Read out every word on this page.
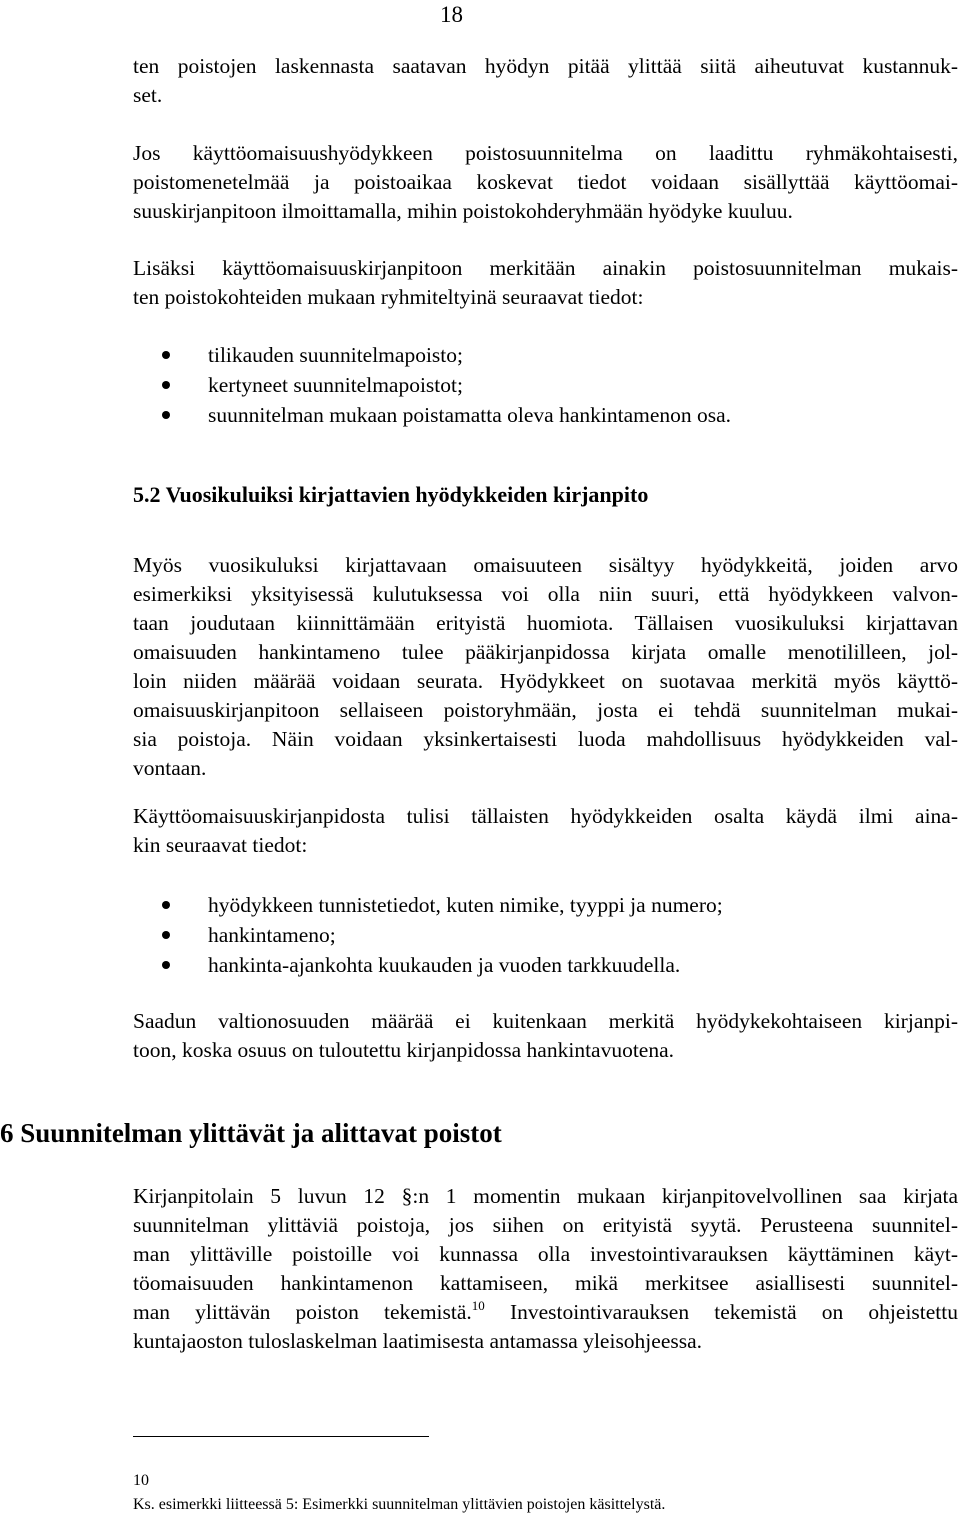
18

ten poistojen laskennasta saatavan hyödyn pitää ylittää siitä aiheutuvat kustannuk-
set.

Jos käyttöomaisuushyödykkeen poistosuunnitelma on laadittu ryhmäkohtaisesti,
poistomenetelmää ja poistoaikaa koskevat tiedot voidaan sisällyttää käyttöomai-
suuskirjanpitoon ilmoittamalla, mihin poistokohderyhmään hyödyke kuuluu.

Lisäksi käyttöomaisuuskirjanpitoon merkitään ainakin poistosuunnitelman mukais-
ten poistokohteiden mukaan ryhmiteltyinä seuraavat tiedot:

tilikauden suunnitelmapoisto;
kertyneet suunnitelmapoistot;
suunnitelman mukaan poistamatta oleva hankintamenon osa.
5.2 Vuosikuluiksi kirjattavien hyödykkeiden kirjanpito

Myös vuosikuluksi kirjattavaan omaisuuteen sisältyy hyödykkeitä, joiden arvo
esimerkiksi yksityisessä kulutuksessa voi olla niin suuri, että hyödykkeen valvon-
taan joudutaan kiinnittämään erityistä huomiota. Tällaisen vuosikuluksi kirjattavan
omaisuuden hankintameno tulee pääkirjanpidossa kirjata omalle menotililleen, jol-
loin niiden määrää voidaan seurata. Hyödykkeet on suotavaa merkitä myös käyttö-
omaisuuskirjanpitoon sellaiseen poistoryhmään, josta ei tehdä suunnitelman mukai-
sia poistoja. Näin voidaan yksinkertaisesti luoda mahdollisuus hyödykkeiden val-
vontaan.

Käyttöomaisuuskirjanpidosta tulisi tällaisten hyödykkeiden osalta käydä ilmi aina-
kin seuraavat tiedot:

hyödykkeen tunnistetiedot, kuten nimike, tyyppi ja numero;
hankintameno;
hankinta-ajankohta kuukauden ja vuoden tarkkuudella.

Saadun valtionosuuden määrää ei kuitenkaan merkitä hyödykekohtaiseen kirjanpi-
toon, koska osuus on tuloutettu kirjanpidossa hankintavuotena.

6 Suunnitelman ylittävät ja alittavat poistot

Kirjanpitolain 5 luvun 12 §:n 1 momentin mukaan kirjanpitovelvollinen saa kirjata
suunnitelman ylittäviä poistoja, jos siihen on erityistä syytä. Perusteena suunnitel-
man ylittäville poistoille voi kunnassa olla investointivarauksen käyttäminen käyt-
töomaisuuden hankintamenon kattamiseen, mikä merkitsee asiallisesti suunnitel-
man ylittävän poiston tekemistä.$^{10}$ Investointivarauksen tekemistä on ohjeistettu
kuntajaoston tuloslaskelman laatimisesta antamassa yleisohjeessa.

10
Ks. esimerkki liitteessä 5: Esimerkki suunnitelman ylittävien poistojen käsittelystä.
